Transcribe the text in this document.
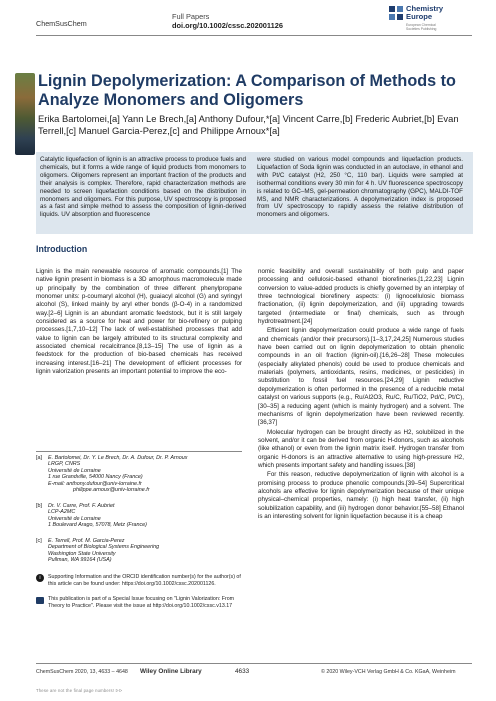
ChemSusChem
Full Papers
doi.org/10.1002/cssc.202001126
Chemistry
Europe
European Chemical
Societies Publishing
Lignin Depolymerization: A Comparison of Methods to Analyze Monomers and Oligomers
Erika Bartolomei,[a] Yann Le Brech,[a] Anthony Dufour,*[a] Vincent Carre,[b] Frederic Aubriet,[b] Evan Terrell,[c] Manuel Garcia-Perez,[c] and Philippe Arnoux*[a]
Catalytic liquefaction of lignin is an attractive process to produce fuels and chemicals, but it forms a wide range of liquid products from monomers to oligomers. Oligomers represent an important fraction of the products and their analysis is complex. Therefore, rapid characterization methods are needed to screen liquefaction conditions based on the distribution in monomers and oligomers. For this purpose, UV spectroscopy is proposed as a fast and simple method to assess the composition of lignin-derived liquids. UV absorption and fluorescence
were studied on various model compounds and liquefaction products. Liquefaction of Soda lignin was conducted in an autoclave, in ethanol and with Pt/C catalyst (H2, 250 °C, 110 bar). Liquids were sampled at isothermal conditions every 30 min for 4 h. UV fluorescence spectroscopy is related to GC–MS, gel-permeation chromatography (GPC), MALDI-TOF MS, and NMR characterizations. A depolymerization index is proposed from UV spectroscopy to rapidly assess the relative distribution of monomers and oligomers.
Introduction

Lignin is the main renewable resource of aromatic compounds.[1] The native lignin present in biomass is a 3D amorphous macromolecule made up principally by the combination of three different phenylpropane monomer units: p-coumaryl alcohol (H), guaiacyl alcohol (G) and syringyl alcohol (S), linked mainly by aryl ether bonds (β-O-4) in a randomized way.[2–6] Lignin is an abundant aromatic feedstock, but it is still largely considered as a source for heat and power for bio-refinery or pulping processes.[1,7,10–12] The lack of well-established processes that add value to lignin can be largely attributed to its structural complexity and associated chemical recalcitrance.[8,13–15] The use of lignin as a feedstock for the production of bio-based chemicals has received increasing interest.[16–21] The development of efficient processes for lignin valorization presents an important potential to improve the eco-

nomic feasibility and overall sustainability of both pulp and paper processing and cellulosic-based ethanol biorefineries.[1,22,23] Lignin conversion to value-added products is chiefly governed by an interplay of three technological biorefinery aspects: (i) lignocellulosic biomass fractionation, (ii) lignin depolymerization, and (iii) upgrading towards targeted (intermediate or final) chemicals, such as through hydrotreatment.[24]

Efficient lignin depolymerization could produce a wide range of fuels and chemicals (and/or their precursors).[1–3,17,24,25] Numerous studies have been carried out on lignin depolymerization to obtain phenolic compounds in an oil fraction (lignin-oil).[16,26–28] These molecules (especially alkylated phenols) could be used to produce chemicals and materials (polymers, antioxidants, resins, medicines, or pesticides) in substitution to fossil fuel resources.[24,29] Lignin reductive depolymerization is often performed in the presence of a reducible metal catalyst on various supports (e.g., Ru/Al2O3, Ru/C, Ru/TiO2, Pd/C, Pt/C),[30–35] a reducing agent (which is mainly hydrogen) and a solvent. The mechanisms of lignin depolymerization have been reviewed recently.[36,37]

Molecular hydrogen can be brought directly as H2, solubilized in the solvent, and/or it can be derived from organic H-donors, such as alcohols (like ethanol) or even from the lignin matrix itself. Hydrogen transfer from organic H-donors is an attractive alternative to using high-pressure H2, which presents important safety and handling issues.[38]

For this reason, reductive depolymerization of lignin with alcohol is a promising process to produce phenolic compounds.[39–54] Supercritical alcohols are effective for lignin depolymerization because of their unique physical–chemical properties, namely: (i) high heat transfer, (ii) high solubilization capability, and (iii) hydrogen donor behavior.[55–58] Ethanol is an interesting solvent for lignin liquefaction because it is a cheap

[a] E. Bartolomei, Dr. Y. Le Brech, Dr. A. Dufour, Dr. P. Arnoux
LRGP, CNRS
Université de Lorraine
1 rue Grandville, 54000 Nancy (France)
E-mail: anthony.dufour@univ-lorraine.fr
philippe.arnoux@univ-lorraine.fr
[b] Dr. V. Carre, Prof. F. Aubriet
LCP-A2MC
Université de Lorraine
1 Boulevard Arago, 57078, Metz (France)
[c] E. Terrell, Prof. M. Garcia-Perez
Department of Biological Systems Engineering
Washington State University
Pullman, WA 99164 (USA)
i	Supporting Information and the ORCID identification number(s) for the author(s) of this article can be found under: https://doi.org/10.1002/cssc.202001126.
This publication is part of a Special Issue focusing on "Lignin Valorization: From Theory to Practice". Please visit the issue at http://doi.org/10.1002/cssc.v13.17
ChemSusChem 2020, 13, 4633 – 4648 Wiley Online Library	4633	© 2020 Wiley-VCH Verlag GmbH & Co. KGaA, Weinheim
These are not the final page numbers! ᐅᐅ
